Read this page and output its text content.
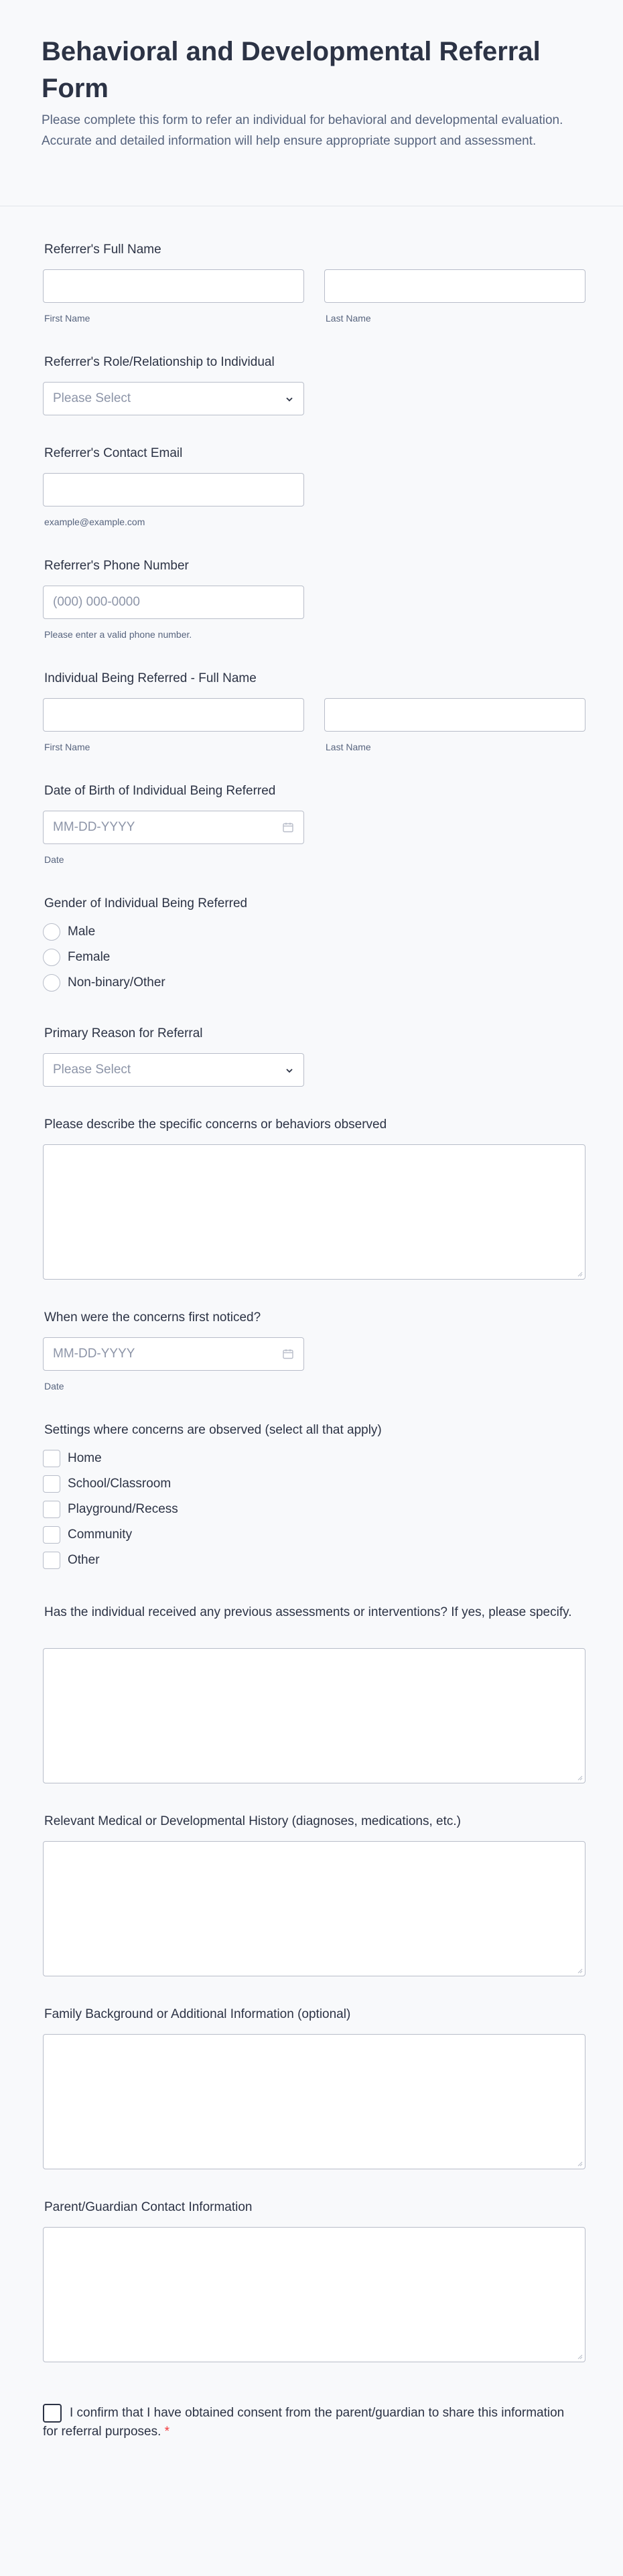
Behavioral and Developmental Referral Form

Please complete this form to refer an individual for behavioral and developmental evaluation. Accurate and detailed information will help ensure appropriate support and assessment.

Referrer's Full Name
First Name	Last Name
Referrer's Role/Relationship to Individual
Please Select
Referrer's Contact Email
example@example.com
Referrer's Phone Number
(000) 000-0000
Please enter a valid phone number.
Individual Being Referred - Full Name
First Name	Last Name
Date of Birth of Individual Being Referred
MM-DD-YYYY
Date
Gender of Individual Being Referred
Male
Female
Non-binary/Other
Primary Reason for Referral
Please Select
Please describe the specific concerns or behaviors observed
When were the concerns first noticed?
MM-DD-YYYY
Date
Settings where concerns are observed (select all that apply)
Home
School/Classroom
Playground/Recess
Community
Other
Has the individual received any previous assessments or interventions? If yes, please specify.
Relevant Medical or Developmental History (diagnoses, medications, etc.)
Family Background or Additional Information (optional)
Parent/Guardian Contact Information
I confirm that I have obtained consent from the parent/guardian to share this information for referral purposes. *
